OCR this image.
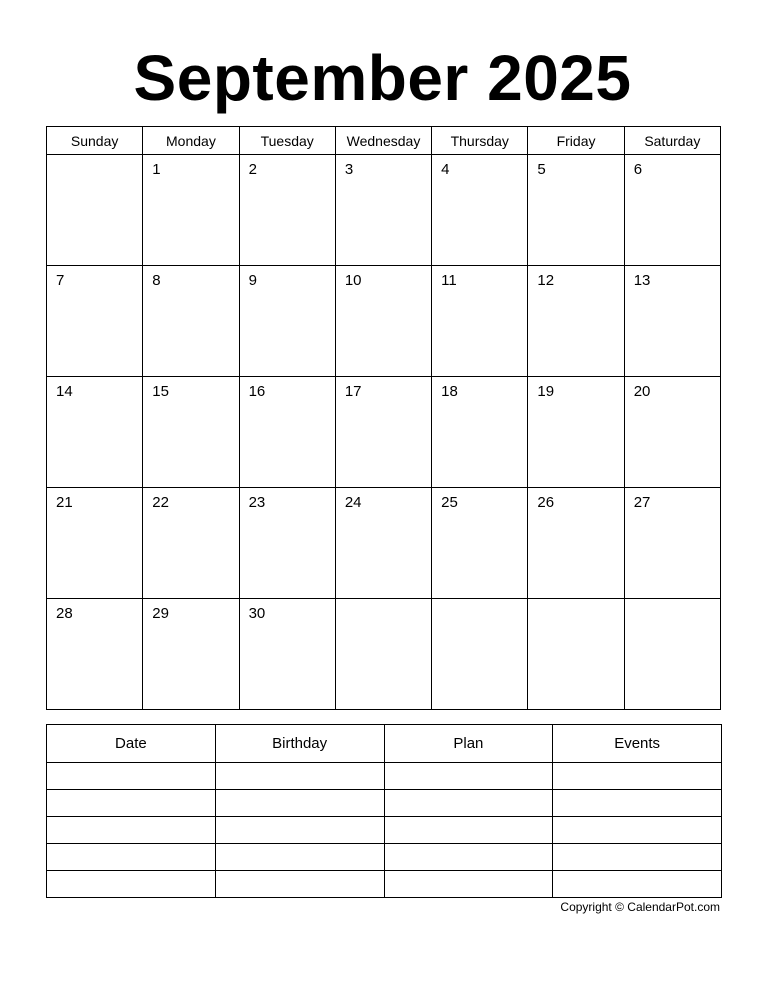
September 2025
Sunday	Monday	Tuesday	Wednesday	Thursday	Friday	Saturday

	1	2	3	4	5	6

7	8	9	10	11	12	13

14	15	16	17	18	19	20

21	22	23	24	25	26	27

28	29	30				

Date	Birthday	Plan	Events

Copyright © CalendarPot.com
